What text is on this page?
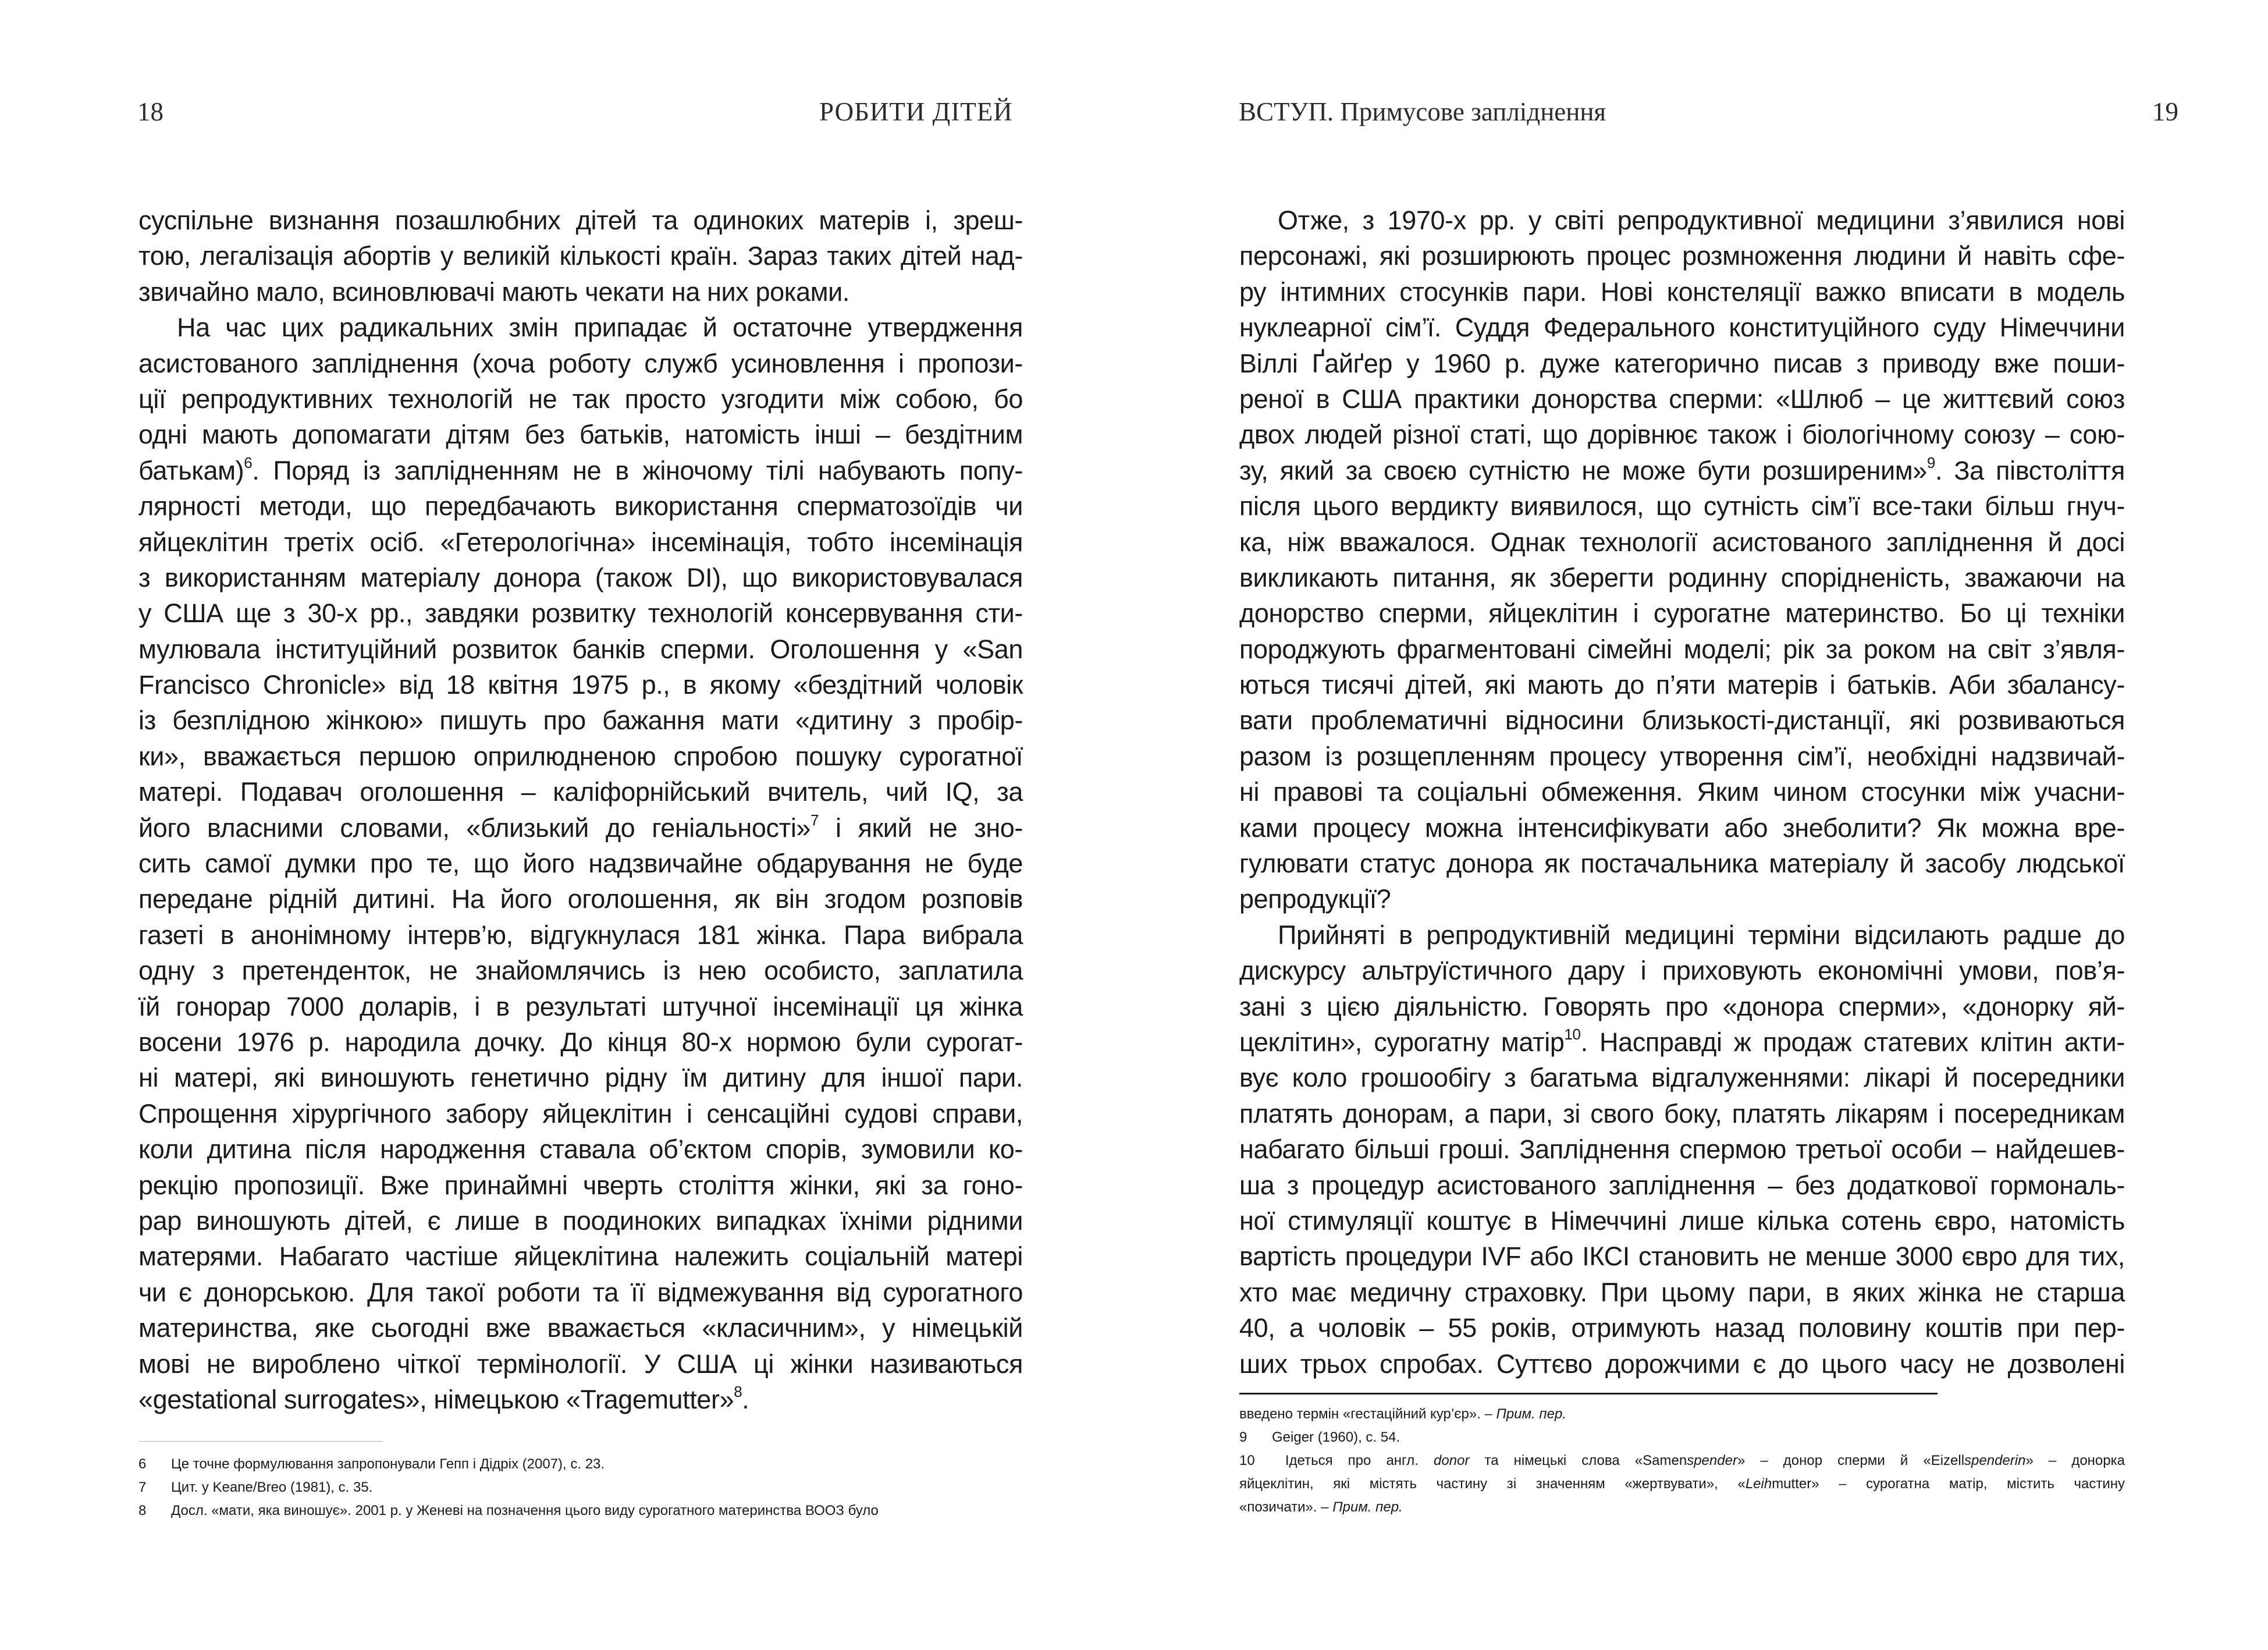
18	РОБИТИ ДІТЕЙ
суспільне визнання позашлюбних дітей та одиноких матерів і, зреш-
тою, легалізація абортів у великій кількості країн. Зараз таких дітей над-
звичайно мало, всиновлювачі мають чекати на них роками.
На час цих радикальних змін припадає й остаточне утвердження
асистованого запліднення (хоча роботу служб усиновлення і пропози-
ції репродуктивних технологій не так просто узгодити між собою, бо
одні мають допомагати дітям без батьків, натомість інші – бездітним
батькам)$^6$. Поряд із заплідненням не в жіночому тілі набувають попу-
лярності методи, що передбачають використання сперматозоїдів чи
яйцеклітин третіх осіб. «Гетерологічна» інсемінація, тобто інсемінація
з використанням матеріалу донора (також DI), що використовувалася
у США ще з 30-х рр., завдяки розвитку технологій консервування сти-
мулювала інституційний розвиток банків сперми. Оголошення у «San
Francisco Chronicle» від 18 квітня 1975 р., в якому «бездітний чоловік
із безплідною жінкою» пишуть про бажання мати «дитину з пробір-
ки», вважається першою оприлюдненою спробою пошуку сурогатної
матері. Подавач оголошення – каліфорнійський вчитель, чий IQ, за
його власними словами, «близький до геніальності»$^7$ і який не зно-
сить самої думки про те, що його надзвичайне обдарування не буде
передане рідній дитині. На його оголошення, як він згодом розповів
газеті в анонімному інтерв’ю, відгукнулася 181 жінка. Пара вибрала
одну з претенденток, не знайомлячись із нею особисто, заплатила
їй гонорар 7000 доларів, і в результаті штучної інсемінації ця жінка
восени 1976 р. народила дочку. До кінця 80-х нормою були сурогат-
ні матері, які виношують генетично рідну їм дитину для іншої пари.
Спрощення хірургічного забору яйцеклітин і сенсаційні судові справи,
коли дитина після народження ставала об’єктом спорів, зумовили ко-
рекцію пропозиції. Вже принаймні чверть століття жінки, які за гоно-
рар виношують дітей, є лише в поодиноких випадках їхніми рідними
матерями. Набагато частіше яйцеклітина належить соціальній матері
чи є донорською. Для такої роботи та її відмежування від сурогатного
материнства, яке сьогодні вже вважається «класичним», у німецькій
мові не вироблено чіткої термінології. У США ці жінки називаються
«gestational surrogates», німецькою «Tragemutter»$^8$.
6 Це точне формулювання запропонували Гепп і Дідріх (2007), с. 23.
7 Цит. у Keane/Breo (1981), с. 35.
8 Досл. «мати, яка виношує». 2001 р. у Женеві на позначення цього виду сурогатного материнства ВООЗ було
ВСТУП. Примусове запліднення	19
Отже, з 1970-х рр. у світі репродуктивної медицини з’явилися нові
персонажі, які розширюють процес розмноження людини й навіть сфе-
ру інтимних стосунків пари. Нові констеляції важко вписати в модель
нуклеарної сім’ї. Суддя Федерального конституційного суду Німеччини
Віллі Ґайґер у 1960 р. дуже категорично писав з приводу вже поши-
реної в США практики донорства сперми: «Шлюб – це життєвий союз
двох людей різної статі, що дорівнює також і біологічному союзу – сою-
зу, який за своєю сутністю не може бути розширеним»$^9$. За півстоліття
після цього вердикту виявилося, що сутність сім’ї все-таки більш гнуч-
ка, ніж вважалося. Однак технології асистованого запліднення й досі
викликають питання, як зберегти родинну спорідненість, зважаючи на
донорство сперми, яйцеклітин і сурогатне материнство. Бо ці техніки
породжують фрагментовані сімейні моделі; рік за роком на світ з’явля-
ються тисячі дітей, які мають до п’яти матерів і батьків. Аби збалансу-
вати проблематичні відносини близькості-дистанції, які розвиваються
разом із розщепленням процесу утворення сім’ї, необхідні надзвичай-
ні правові та соціальні обмеження. Яким чином стосунки між учасни-
ками процесу можна інтенсифікувати або знеболити? Як можна вре-
гулювати статус донора як постачальника матеріалу й засобу людської
репродукції?
Прийняті в репродуктивній медицині терміни відсилають радше до
дискурсу альтруїстичного дару і приховують економічні умови, пов’я-
зані з цією діяльністю. Говорять про «донора сперми», «донорку яй-
цеклітин», сурогатну матір$^{10}$. Насправді ж продаж статевих клітин акти-
вує коло грошообігу з багатьма відгалуженнями: лікарі й посередники
платять донорам, а пари, зі свого боку, платять лікарям і посередникам
набагато більші гроші. Запліднення спермою третьої особи – найдешев-
ша з процедур асистованого запліднення – без додаткової гормональ-
ної стимуляції коштує в Німеччині лише кілька сотень євро, натомість
вартість процедури IVF або ІКСІ становить не менше 3000 євро для тих,
хто має медичну страховку. При цьому пари, в яких жінка не старша
40, а чоловік – 55 років, отримують назад половину коштів при пер-
ших трьох спробах. Суттєво дорожчими є до цього часу не дозволені
введено термін «гестаційний кур’єр». – Прим. пер.
9 Geiger (1960), с. 54.
10 Ідеться про англ. donor та німецькі слова «Samenspender» – донор сперми й «Eizellspenderin» – донорка
яйцеклітин, які містять частину зі значенням «жертвувати», «Leihmutter» – сурогатна матір, містить частину
«позичати». – Прим. пер.
